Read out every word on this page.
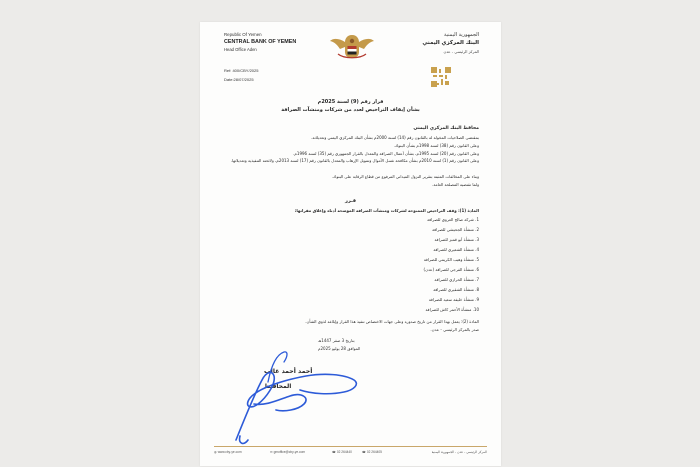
Republic Of Yemen
CENTRAL BANK OF YEMEN
Head Office Aden
Ref: 400/CBY/2025
Date:28/07/2025
الجمهورية اليمنية
البنك المركزي اليمني
المركز الرئيسي - عدن
قرار رقم (9) لسنة 2025م
بشأن إيقاف التراخيص لعدد من شركات ومنشآت الصرافة
محافظ البنك المركزي اليمني
بمقتضى الصلاحيات المخولة له بالقانون رقم (14) لسنة 2000م بشأن البنك المركزي اليمني وتعديلاته.
وعلى القانون رقم (38) لسنة 1998م بشأن البنوك.
وعلى القانون رقم (20) لسنة 1995م، بشأن أعمال الصرافة والمعدل بالقرار الجمهوري رقم (35) لسنة 1996م.
وعلى القانون رقم (1) لسنة 2010م بشأن مكافحة غسل الأموال وتمويل الإرهاب والمعدل بالقانون رقم (17) لسنة 2013م، ولائحته التنفيذية وتعديلاتها.
وبناء على المخالفات المثبتة بتقرير النزول الميداني المرفوع من قطاع الرقابة على البنوك.
ولما تقتضيه المصلحة العامة.
قـرر
المادة (1): وقف التراخيص الممنوحة لشركات ومنشآت الصرافة الموضحة أدناه وإغلاق مقراتها:
1. شركة صالح العروي للصرافة
2. منشأة الجحيشي للصرافة
3. منشأة أبو قمبز للصرافة
4. منشأة الشعيري للصرافة
5. منشأة وهيب الكريمي للصرافة
6. منشأة الفرجي للصرافة (عدن)
7. منشأة الحرازي للصرافة
8. منشأة الشقيري للصرافة
9. منشأة خليفة سعيد للصرافة
10. منشأة الأحمر كاش للصرافة
المادة (2): يعمل بهذا القرار من تاريخ صدوره وعلى جهات الاختصاص تنفيذ هذا القرار وإبلاغه لذوي الشأن.
صدر بالمركز الرئيسي - عدن.
بتاريخ 3 صفر 1447هـ
الموافق 28 يوليو 2025م
أحمد أحمد غالب
المحافـظ
◍ www.cby-ye.com	✉ gmoffice@cby-ye.com	☎ 02 264440	☎ 02 264405	المركز الرئيسي - عدن - الجمهورية اليمنية
